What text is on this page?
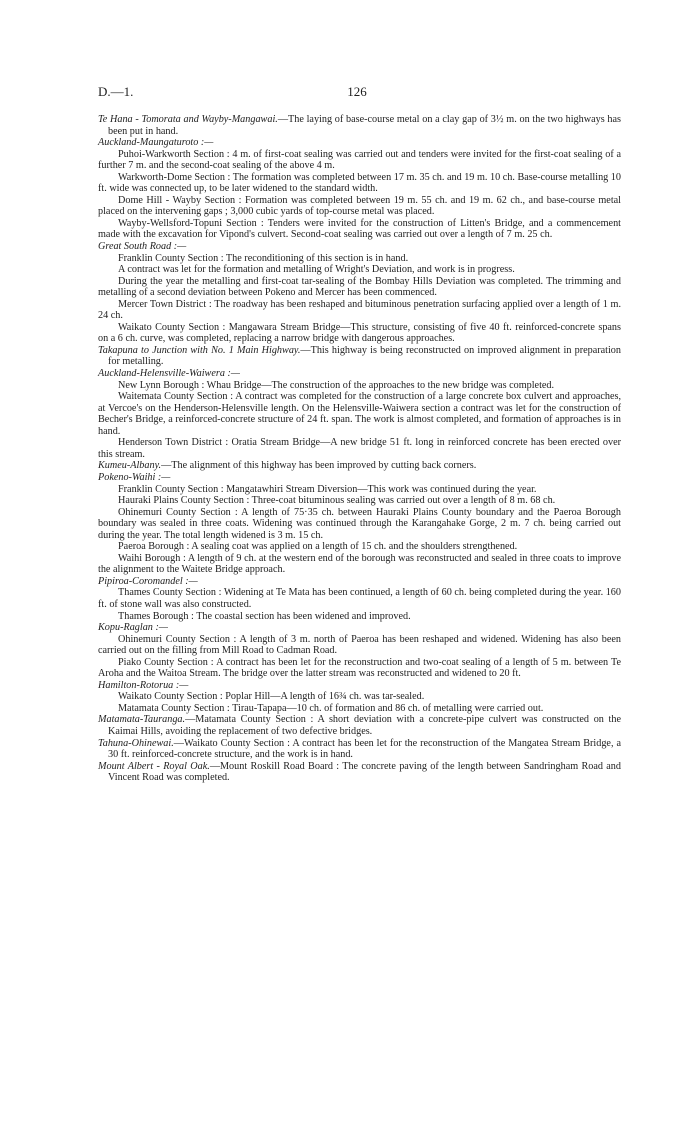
D.—1.	126

Te Hana - Tomorata and Wayby-Mangawai.—The laying of base-course metal on a clay gap of 3½ m. on the two highways has been put in hand.

Auckland-Maungaturoto :—

Puhoi-Warkworth Section : 4 m. of first-coat sealing was carried out and tenders were invited for the first-coat sealing of a further 7 m. and the second-coat sealing of the above 4 m.

Warkworth-Dome Section : The formation was completed between 17 m. 35 ch. and 19 m. 10 ch. Base-course metalling 10 ft. wide was connected up, to be later widened to the standard width.

Dome Hill - Wayby Section : Formation was completed between 19 m. 55 ch. and 19 m. 62 ch., and base-course metal placed on the intervening gaps ; 3,000 cubic yards of top-course metal was placed.

Wayby-Wellsford-Topuni Section : Tenders were invited for the construction of Litten's Bridge, and a commencement made with the excavation for Vipond's culvert. Second-coat sealing was carried out over a length of 7 m. 25 ch.

Great South Road :—

Franklin County Section : The reconditioning of this section is in hand.

A contract was let for the formation and metalling of Wright's Deviation, and work is in progress.

During the year the metalling and first-coat tar-sealing of the Bombay Hills Deviation was completed. The trimming and metalling of a second deviation between Pokeno and Mercer has been commenced.

Mercer Town District : The roadway has been reshaped and bituminous penetration surfacing applied over a length of 1 m. 24 ch.

Waikato County Section : Mangawara Stream Bridge—This structure, consisting of five 40 ft. reinforced-concrete spans on a 6 ch. curve, was completed, replacing a narrow bridge with dangerous approaches.

Takapuna to Junction with No. 1 Main Highway.—This highway is being reconstructed on improved alignment in preparation for metalling.

Auckland-Helensville-Waiwera :—

New Lynn Borough : Whau Bridge—The construction of the approaches to the new bridge was completed.

Waitemata County Section : A contract was completed for the construction of a large concrete box culvert and approaches, at Vercoe's on the Henderson-Helensville length. On the Helensville-Waiwera section a contract was let for the construction of Becher's Bridge, a reinforced-concrete structure of 24 ft. span. The work is almost completed, and formation of approaches is in hand.

Henderson Town District : Oratia Stream Bridge—A new bridge 51 ft. long in reinforced concrete has been erected over this stream.

Kumeu-Albany.—The alignment of this highway has been improved by cutting back corners.

Pokeno-Waihi :—

Franklin County Section : Mangatawhiri Stream Diversion—This work was continued during the year.

Hauraki Plains County Section : Three-coat bituminous sealing was carried out over a length of 8 m. 68 ch.

Ohinemuri County Section : A length of 75·35 ch. between Hauraki Plains County boundary and the Paeroa Borough boundary was sealed in three coats. Widening was continued through the Karangahake Gorge, 2 m. 7 ch. being carried out during the year. The total length widened is 3 m. 15 ch.

Paeroa Borough : A sealing coat was applied on a length of 15 ch. and the shoulders strengthened.

Waihi Borough : A length of 9 ch. at the western end of the borough was reconstructed and sealed in three coats to improve the alignment to the Waitete Bridge approach.

Pipiroa-Coromandel :—

Thames County Section : Widening at Te Mata has been continued, a length of 60 ch. being completed during the year. 160 ft. of stone wall was also constructed.

Thames Borough : The coastal section has been widened and improved.

Kopu-Raglan :—

Ohinemuri County Section : A length of 3 m. north of Paeroa has been reshaped and widened. Widening has also been carried out on the filling from Mill Road to Cadman Road.

Piako County Section : A contract has been let for the reconstruction and two-coat sealing of a length of 5 m. between Te Aroha and the Waitoa Stream. The bridge over the latter stream was reconstructed and widened to 20 ft.

Hamilton-Rotorua :—

Waikato County Section : Poplar Hill—A length of 16¾ ch. was tar-sealed.

Matamata County Section : Tirau-Tapapa—10 ch. of formation and 86 ch. of metalling were carried out.

Matamata-Tauranga.—Matamata County Section : A short deviation with a concrete-pipe culvert was constructed on the Kaimai Hills, avoiding the replacement of two defective bridges.

Tahuna-Ohinewai.—Waikato County Section : A contract has been let for the reconstruction of the Mangatea Stream Bridge, a 30 ft. reinforced-concrete structure, and the work is in hand.

Mount Albert - Royal Oak.—Mount Roskill Road Board : The concrete paving of the length between Sandringham Road and Vincent Road was completed.
